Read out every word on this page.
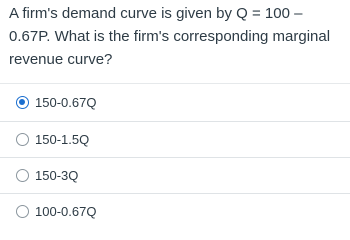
A firm's demand curve is given by Q = 100 – 0.67P. What is the firm's corresponding marginal revenue curve?

150-0.67Q
150-1.5Q
150-3Q
100-0.67Q
